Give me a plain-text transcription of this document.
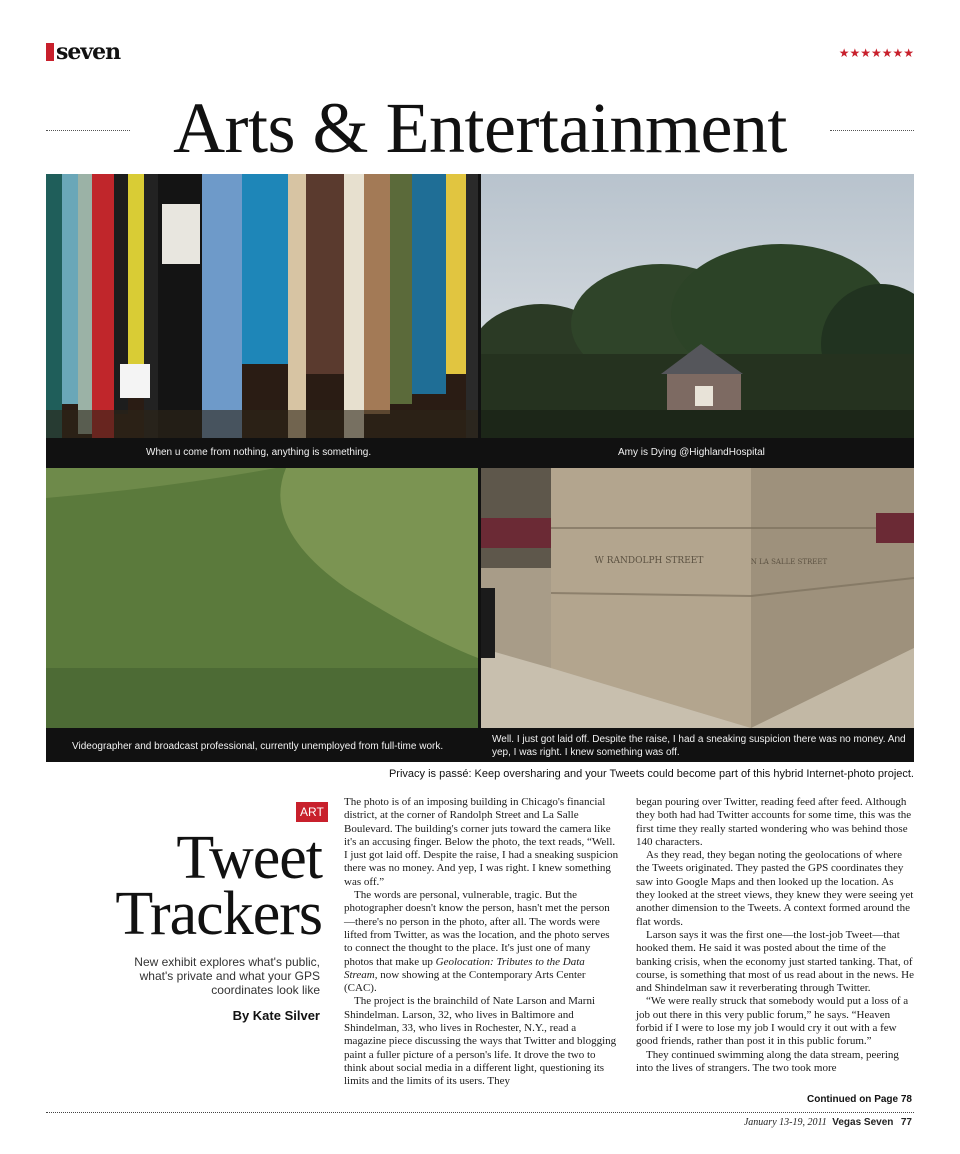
seven	★★★★★★★
Arts & Entertainment
W RANDOLPH STREET	N LA SALLE STREET
When u come from nothing, anything is something.	Amy is Dying @HighlandHospital
Videographer and broadcast professional, currently unemployed from full-time work.
Well. I just got laid off. Despite the raise, I had a sneaking suspicion there was no money. And yep, I was right. I knew something was off.
Privacy is passé: Keep oversharing and your Tweets could become part of this hybrid Internet-photo project.
ART
Tweet
Trackers
New exhibit explores what's public, what's private and what your GPS coordinates look like
By Kate Silver

The photo is of an imposing building in Chicago's financial district, at the corner of Randolph Street and La Salle Boulevard. The building's corner juts toward the camera like it's an accusing finger. Below the photo, the text reads, “Well. I just got laid off. Despite the raise, I had a sneaking suspicion there was no money. And yep, I was right. I knew something was off.”

The words are personal, vulnerable, tragic. But the photographer doesn't know the person, hasn't met the person—there's no person in the photo, after all. The words were lifted from Twitter, as was the location, and the photo serves to connect the thought to the place. It's just one of many photos that make up Geolocation: Tributes to the Data Stream, now showing at the Contemporary Arts Center (CAC).

The project is the brainchild of Nate Larson and Marni Shindelman. Larson, 32, who lives in Baltimore and Shindelman, 33, who lives in Rochester, N.Y., read a magazine piece discussing the ways that Twitter and blogging paint a fuller picture of a person's life. It drove the two to think about social media in a different light, questioning its limits and the limits of its users. They

began pouring over Twitter, reading feed after feed. Although they both had had Twitter accounts for some time, this was the first time they really started wondering who was behind those 140 characters.

As they read, they began noting the geolocations of where the Tweets originated. They pasted the GPS coordinates they saw into Google Maps and then looked up the location. As they looked at the street views, they knew they were seeing yet another dimension to the Tweets. A context formed around the flat words.

Larson says it was the first one—the lost-job Tweet—that hooked them. He said it was posted about the time of the banking crisis, when the economy just started tanking. That, of course, is something that most of us read about in the news. He and Shindelman saw it reverberating through Twitter.

“We were really struck that somebody would put a loss of a job out there in this very public forum,” he says. “Heaven forbid if I were to lose my job I would cry it out with a few good friends, rather than post it in this public forum.”

They continued swimming along the data stream, peering into the lives of strangers. The two took more

Continued on Page 78
January 13-19, 2011 Vegas Seven 77
